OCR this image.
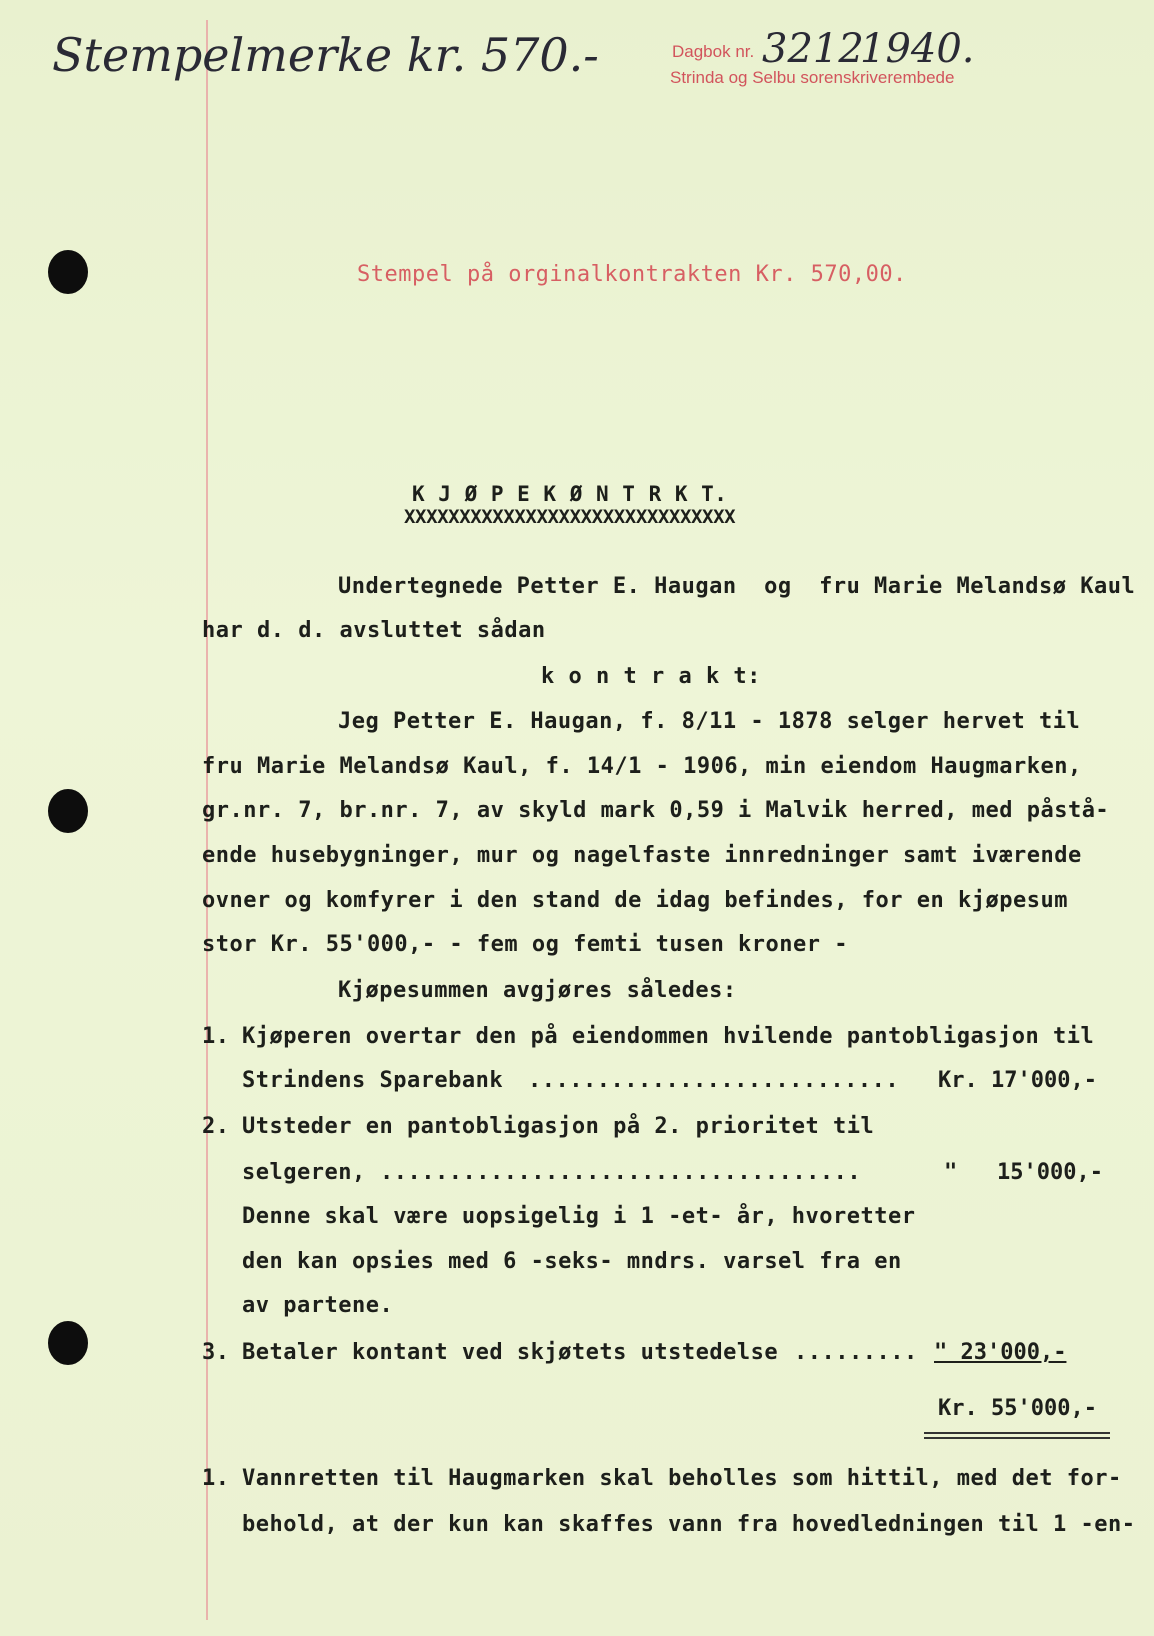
Stempelmerke kr. 570.-	Dagbok nr. 3212
1940.
Strinda og Selbu sorenskriverembede
Stempel på orginalkontrakten Kr. 570,00.
K J Ø P E K Ø N T R K T.
XXXXXXXXXXXXXXXXXXXXXXXXXXXXXX
Undertegnede Petter E. Haugan  og  fru Marie Melandsø Kaul
har d. d. avsluttet sådan
k o n t r a k t:
Jeg Petter E. Haugan, f. 8/11 - 1878 selger hervet til
fru Marie Melandsø Kaul, f. 14/1 - 1906, min eiendom Haugmarken,
gr.nr. 7, br.nr. 7, av skyld mark 0,59 i Malvik herred, med påstå-
ende husebygninger, mur og nagelfaste innredninger samt iværende
ovner og komfyrer i den stand de idag befindes, for en kjøpesum
stor Kr. 55'000,- - fem og femti tusen kroner -
Kjøpesummen avgjøres således:
1. Kjøperen overtar den på eiendommen hvilende pantobligasjon til
Strindens Sparebank ........................... Kr. 17'000,-
2. Utsteder en pantobligasjon på 2. prioritet til
selgeren, ...................................	"   15'000,-
Denne skal være uopsigelig i 1 -et- år, hvoretter
den kan opsies med 6 -seks- mndrs. varsel fra en
av partene.
3. Betaler kontant ved skjøtets utstedelse ......... " 23'000,-
Kr. 55'000,-
1. Vannretten til Haugmarken skal beholles som hittil, med det for-
behold, at der kun kan skaffes vann fra hovedledningen til 1 -en-
